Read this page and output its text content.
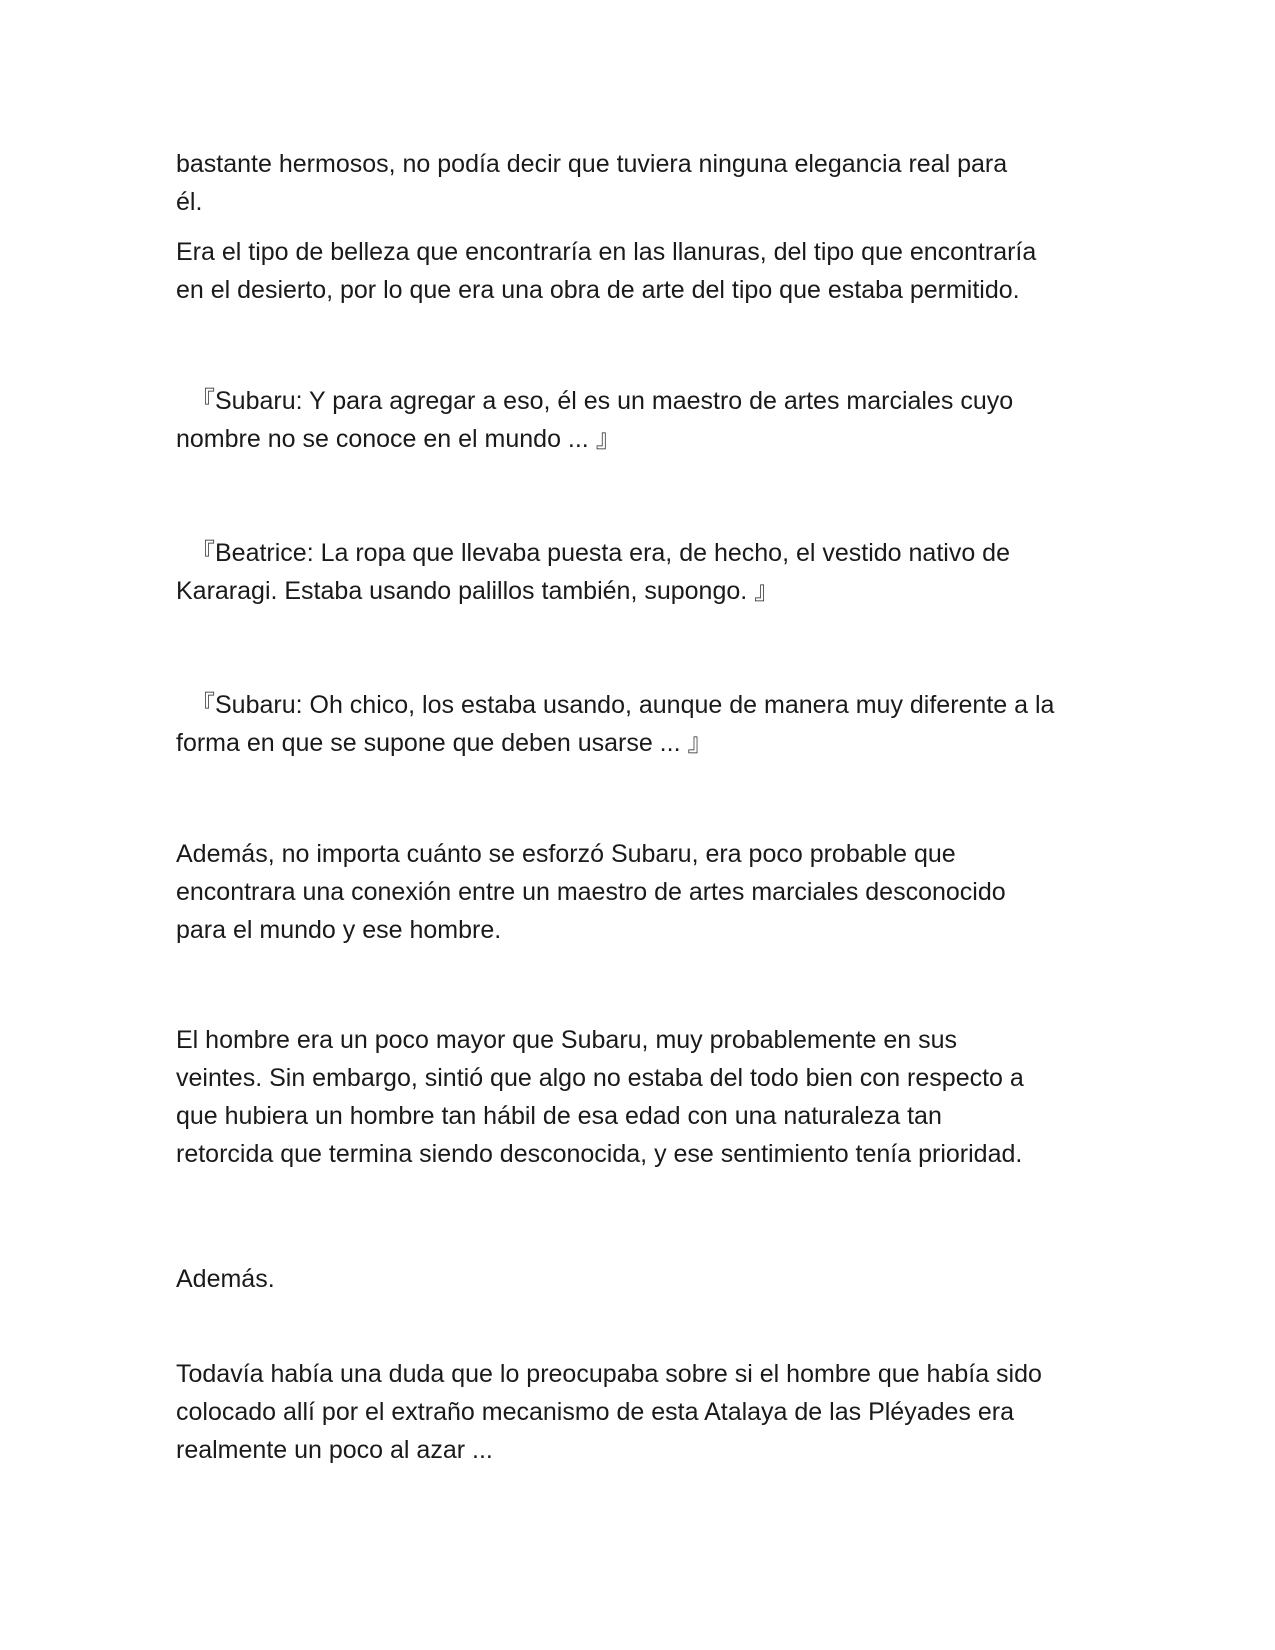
bastante hermosos, no podía decir que tuviera ninguna elegancia real para
él.

Era el tipo de belleza que encontraría en las llanuras, del tipo que encontraría
en el desierto, por lo que era una obra de arte del tipo que estaba permitido.

『Subaru: Y para agregar a eso, él es un maestro de artes marciales cuyo
nombre no se conoce en el mundo ... 』

『Beatrice: La ropa que llevaba puesta era, de hecho, el vestido nativo de
Kararagi. Estaba usando palillos también, supongo. 』

『Subaru: Oh chico, los estaba usando, aunque de manera muy diferente a la
forma en que se supone que deben usarse ... 』

Además, no importa cuánto se esforzó Subaru, era poco probable que
encontrara una conexión entre un maestro de artes marciales desconocido
para el mundo y ese hombre.

El hombre era un poco mayor que Subaru, muy probablemente en sus
veintes. Sin embargo, sintió que algo no estaba del todo bien con respecto a
que hubiera un hombre tan hábil de esa edad con una naturaleza tan
retorcida que termina siendo desconocida, y ese sentimiento tenía prioridad.

Además.

Todavía había una duda que lo preocupaba sobre si el hombre que había sido
colocado allí por el extraño mecanismo de esta Atalaya de las Pléyades era
realmente un poco al azar ...
